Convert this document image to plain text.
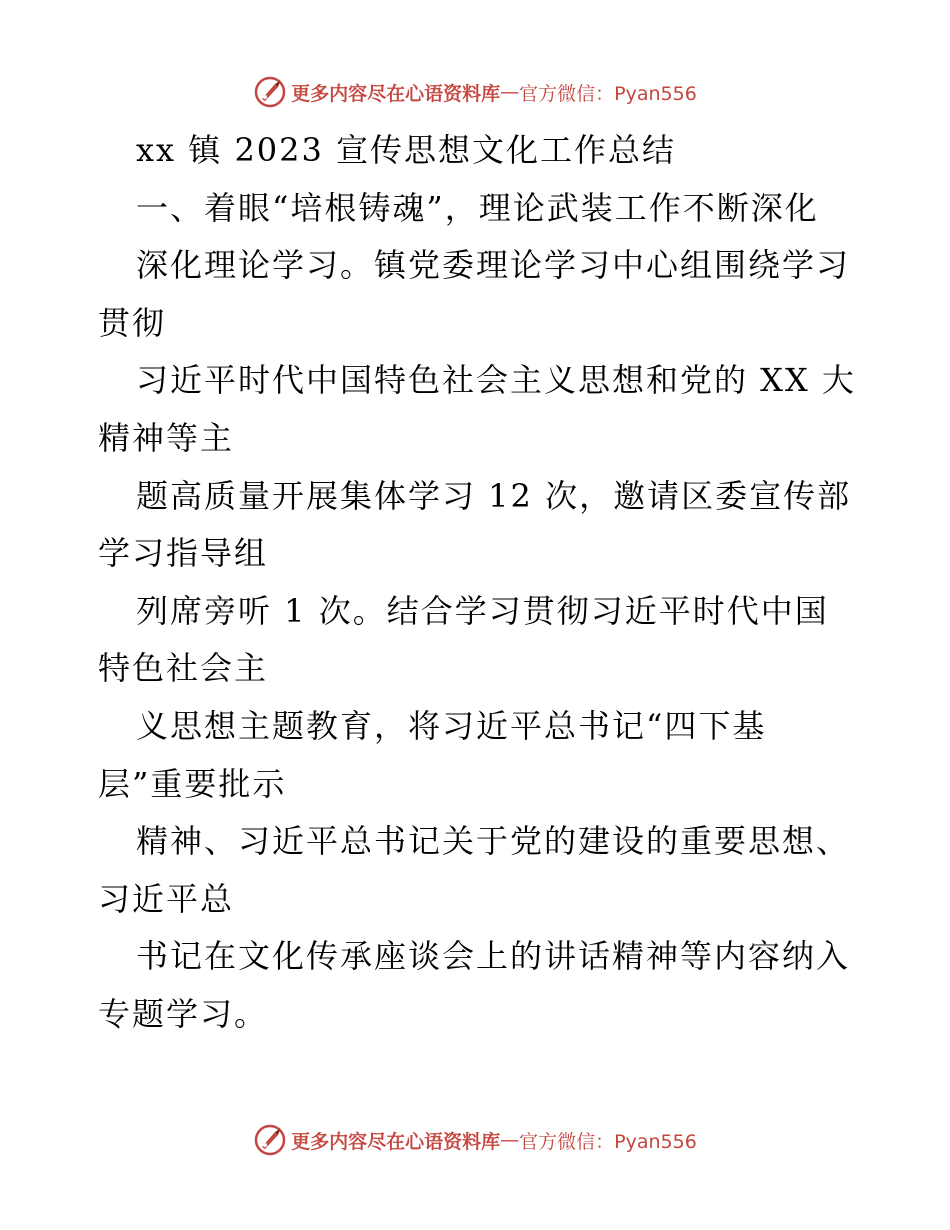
更多内容尽在心语资料库 — 官方微信：Pyan556
xx 镇 2023 宣传思想文化工作总结
一、着眼“培根铸魂”，理论武装工作不断深化
深化理论学习。镇党委理论学习中心组围绕学习
贯彻
习近平时代中国特色社会主义思想和党的 XX 大
精神等主
题高质量开展集体学习 12 次，邀请区委宣传部
学习指导组
列席旁听 1 次。结合学习贯彻习近平时代中国
特色社会主
义思想主题教育，将习近平总书记“四下基
层”重要批示
精神、习近平总书记关于党的建设的重要思想、
习近平总
书记在文化传承座谈会上的讲话精神等内容纳入
专题学习。
更多内容尽在心语资料库 — 官方微信：Pyan556
